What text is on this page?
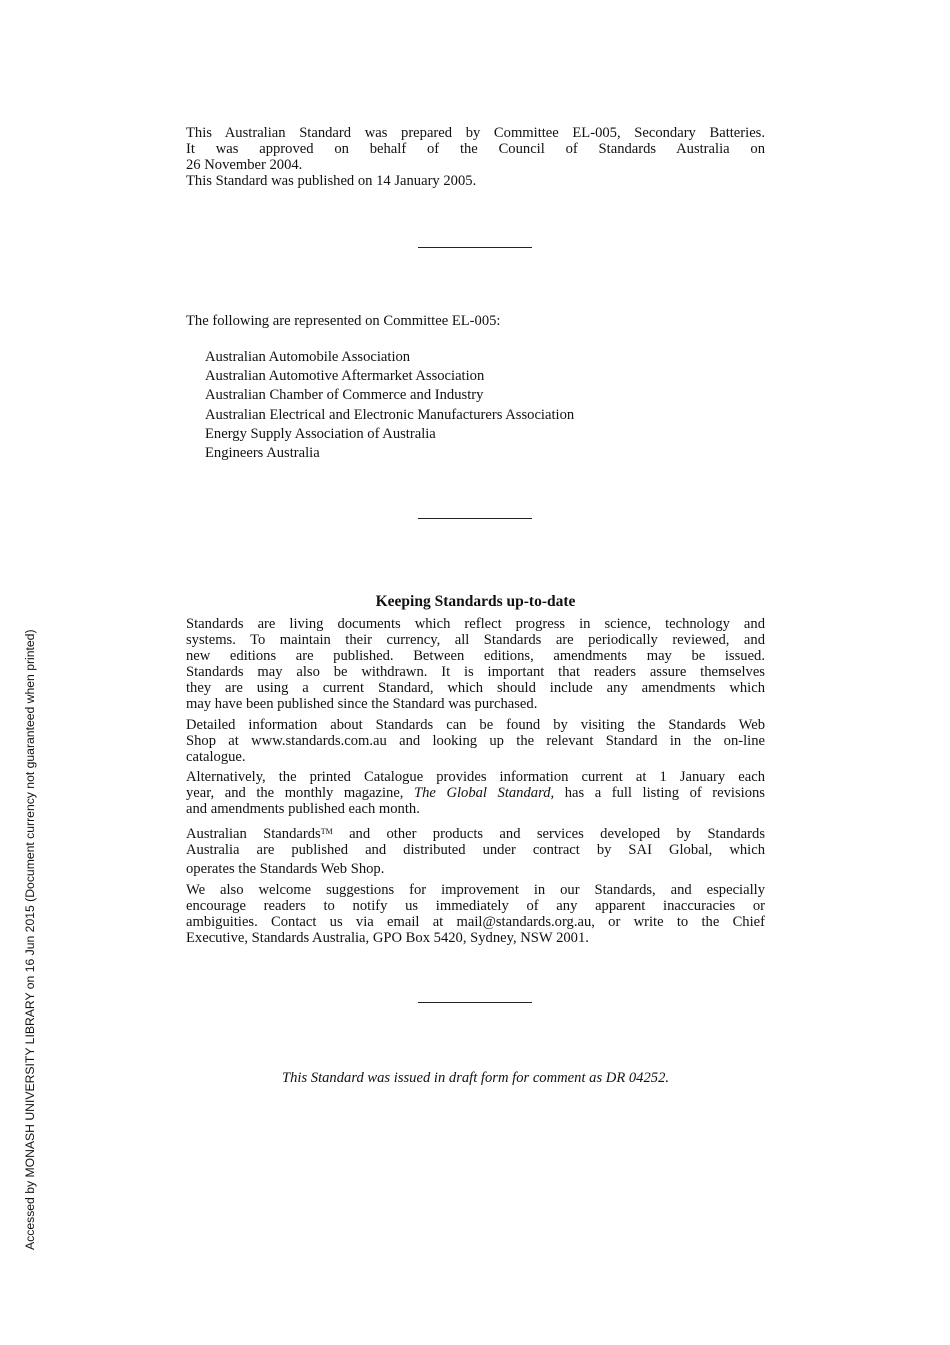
This Australian Standard was prepared by Committee EL-005, Secondary Batteries.
It was approved on behalf of the Council of Standards Australia on
26 November 2004.
This Standard was published on 14 January 2005.
The following are represented on Committee EL-005:
Australian Automobile Association
Australian Automotive Aftermarket Association
Australian Chamber of Commerce and Industry
Australian Electrical and Electronic Manufacturers Association
Energy Supply Association of Australia
Engineers Australia
Keeping Standards up-to-date
Standards are living documents which reflect progress in science, technology and
systems. To maintain their currency, all Standards are periodically reviewed, and
new editions are published. Between editions, amendments may be issued.
Standards may also be withdrawn. It is important that readers assure themselves
they are using a current Standard, which should include any amendments which
may have been published since the Standard was purchased.
Detailed information about Standards can be found by visiting the Standards Web
Shop at www.standards.com.au and looking up the relevant Standard in the on-line
catalogue.
Alternatively, the printed Catalogue provides information current at 1 January each
year, and the monthly magazine, The Global Standard, has a full listing of revisions
and amendments published each month.
Australian Standards™ and other products and services developed by Standards
Australia are published and distributed under contract by SAI Global, which
operates the Standards Web Shop.
We also welcome suggestions for improvement in our Standards, and especially
encourage readers to notify us immediately of any apparent inaccuracies or
ambiguities. Contact us via email at mail@standards.org.au, or write to the Chief
Executive, Standards Australia, GPO Box 5420, Sydney, NSW 2001.
This Standard was issued in draft form for comment as DR 04252.
Accessed by MONASH UNIVERSITY LIBRARY on 16 Jun 2015 (Document currency not guaranteed when printed)
